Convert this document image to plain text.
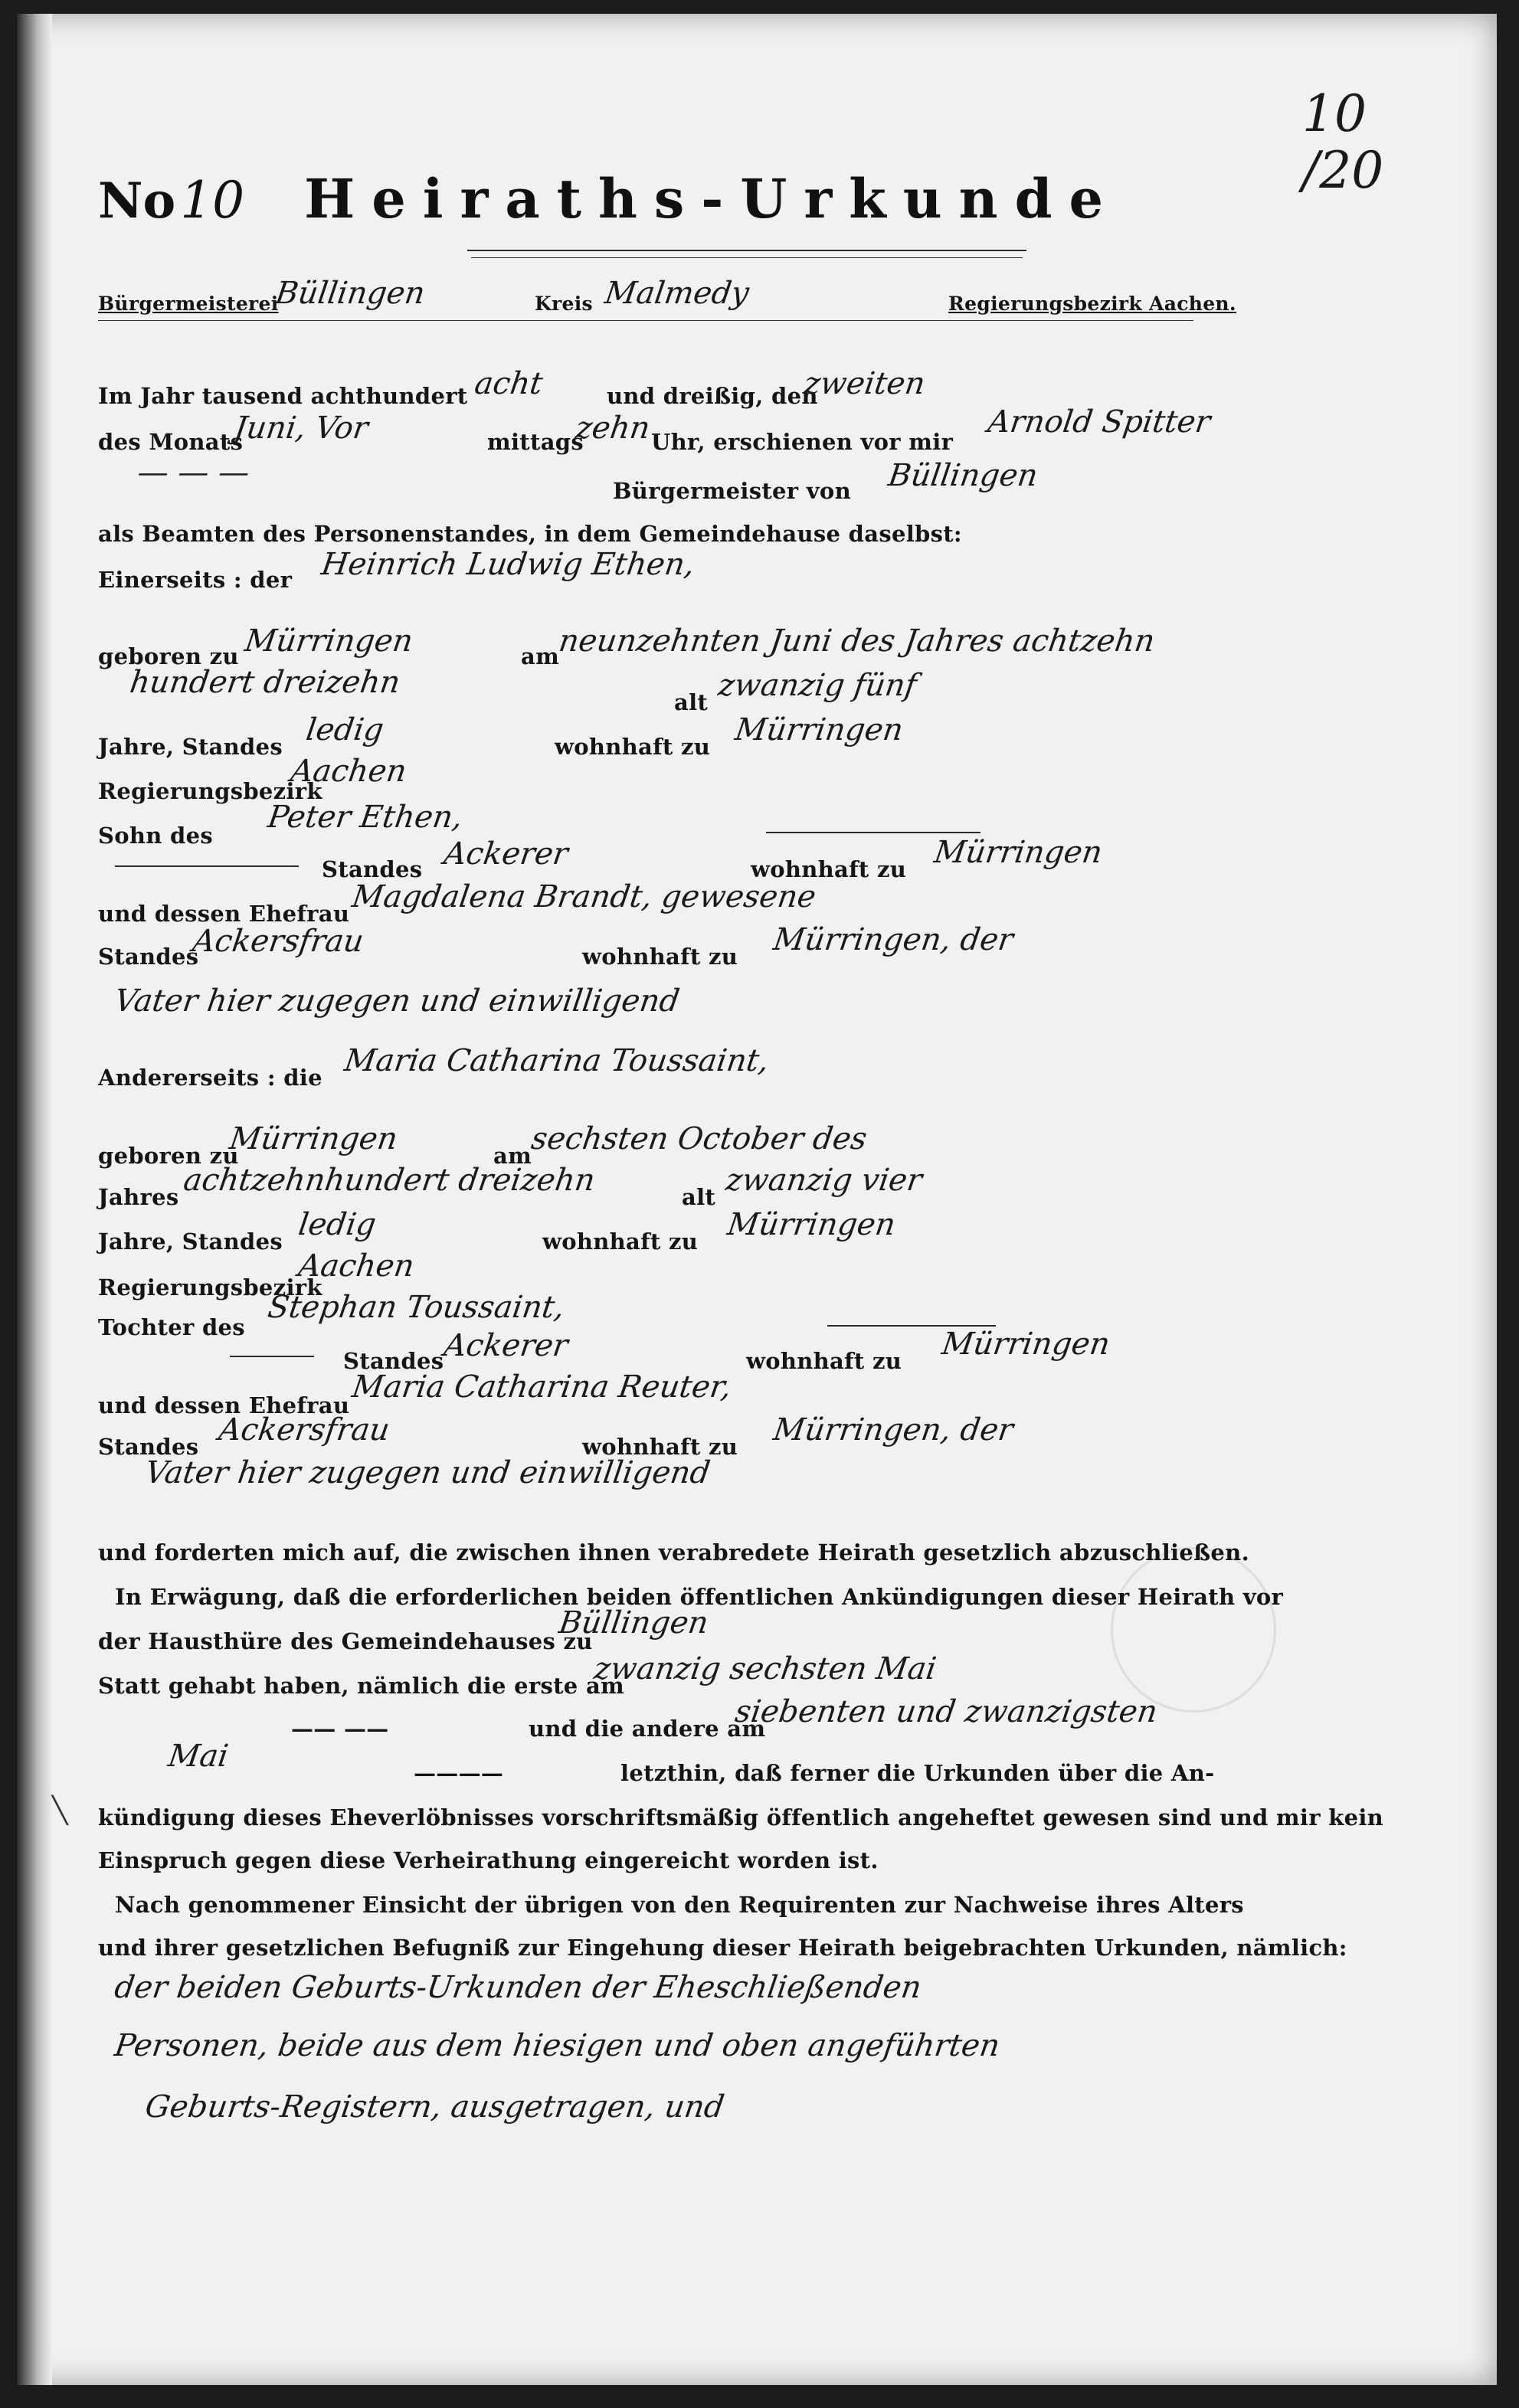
No10 Heiraths-Urkunde
10
/20
Bürgermeisterei
Büllingen	Kreis Malmedy	Regierungsbezirk Aachen.
Im Jahr tausend achthundert acht	und dreißig, den
zweiten
des Monats
Juni, Vor	mittags
zehn
Uhr, erschienen vor mir
Arnold Spitter
— — —
Bürgermeister von Büllingen
als Beamten des Personenstandes, in dem Gemeindehause daselbst:
Einerseits : der Heinrich Ludwig Ethen,
geboren zu Mürringen	am
neunzehnten Juni des Jahres achtzehn
hundert dreizehn
alt zwanzig fünf
Jahre, Standes ledig	wohnhaft zu Mürringen
Regierungsbezirk
Aachen
Sohn des
Peter Ethen,
Standes Ackerer	wohnhaft zu Mürringen
und dessen Ehefrau Magdalena Brandt, gewesene
Standes
Ackersfrau	wohnhaft zu Mürringen, der
Vater hier zugegen und einwilligend
Andererseits : die Maria Catharina Toussaint,
geboren zu
Mürringen	am
sechsten October des
Jahres achtzehnhundert dreizehn	alt zwanzig vier
Jahre, Standes ledig	wohnhaft zu Mürringen
Regierungsbezirk
Aachen
Tochter des
Stephan Toussaint,
Standes
Ackerer	wohnhaft zu Mürringen
und dessen Ehefrau
Maria Catharina Reuter,
Standes Ackersfrau	wohnhaft zu Mürringen, der
Vater hier zugegen und einwilligend
und forderten mich auf, die zwischen ihnen verabredete Heirath gesetzlich abzuschließen.
In Erwägung, daß die erforderlichen beiden öffentlichen Ankündigungen dieser Heirath vor
der Hausthüre des Gemeindehauses zu
Büllingen
Statt gehabt haben, nämlich die erste am
zwanzig sechsten Mai
—— ——	und die andere am
siebenten und zwanzigsten
Mai	————	letzthin, daß ferner die Urkunden über die An-
╲ kündigung dieses Eheverlöbnisses vorschriftsmäßig öffentlich angeheftet gewesen sind und mir kein
Einspruch gegen diese Verheirathung eingereicht worden ist.
Nach genommener Einsicht der übrigen von den Requirenten zur Nachweise ihres Alters
und ihrer gesetzlichen Befugniß zur Eingehung dieser Heirath beigebrachten Urkunden, nämlich:
der beiden Geburts-Urkunden der Eheschließenden
Personen, beide aus dem hiesigen und oben angeführten
Geburts-Registern, ausgetragen, und
